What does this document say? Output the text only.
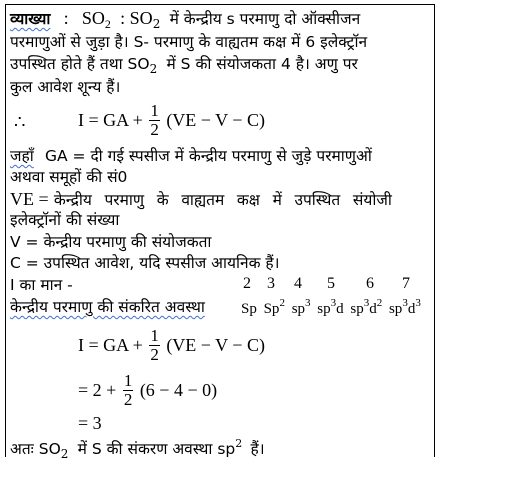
व्याख्या : $SO_2$ : $SO_2$ में केन्द्रीय s परमाणु दो ऑक्सीजन
परमाणुओं से जुड़ा है। S- परमाणु के वाह्यतम कक्ष में 6 इलेक्ट्रॉन
उपस्थित होते हैं तथा $SO_2$ में S की संयोजकता 4 है। अणु पर
कुल आवेश शून्य हैं।
∴	I = GA + $\frac{1}{2} (VE - V - C)$
जहाँ GA = दी गई स्पसीज में केन्द्रीय परमाणु से जुड़े परमाणुओं
अथवा समूहों की सं0
VE = केन्द्रीय परमाणु के वाह्यतम कक्ष में उपस्थित संयोजी
इलेक्ट्रॉनों की संख्या
V = केन्द्रीय परमाणु की संयोजकता
C = उपस्थित आवेश, यदि स्पसीज आयनिक हैं।
I का मान -	2 3 4 5 6 7
केन्द्रीय परमाणु की संकरित अवस्था Sp Sp$^2$ $sp^3$ $sp^3d$ $sp^3d^2$ $sp^3d^3$
I = GA + $\frac{1}{2} (VE - V - C)$
= $2 + \frac{1}{2} (6 - 4 - 0)$
= 3
अतः $SO_2$ में S की संकरण अवस्था $sp^2$ हैं।
